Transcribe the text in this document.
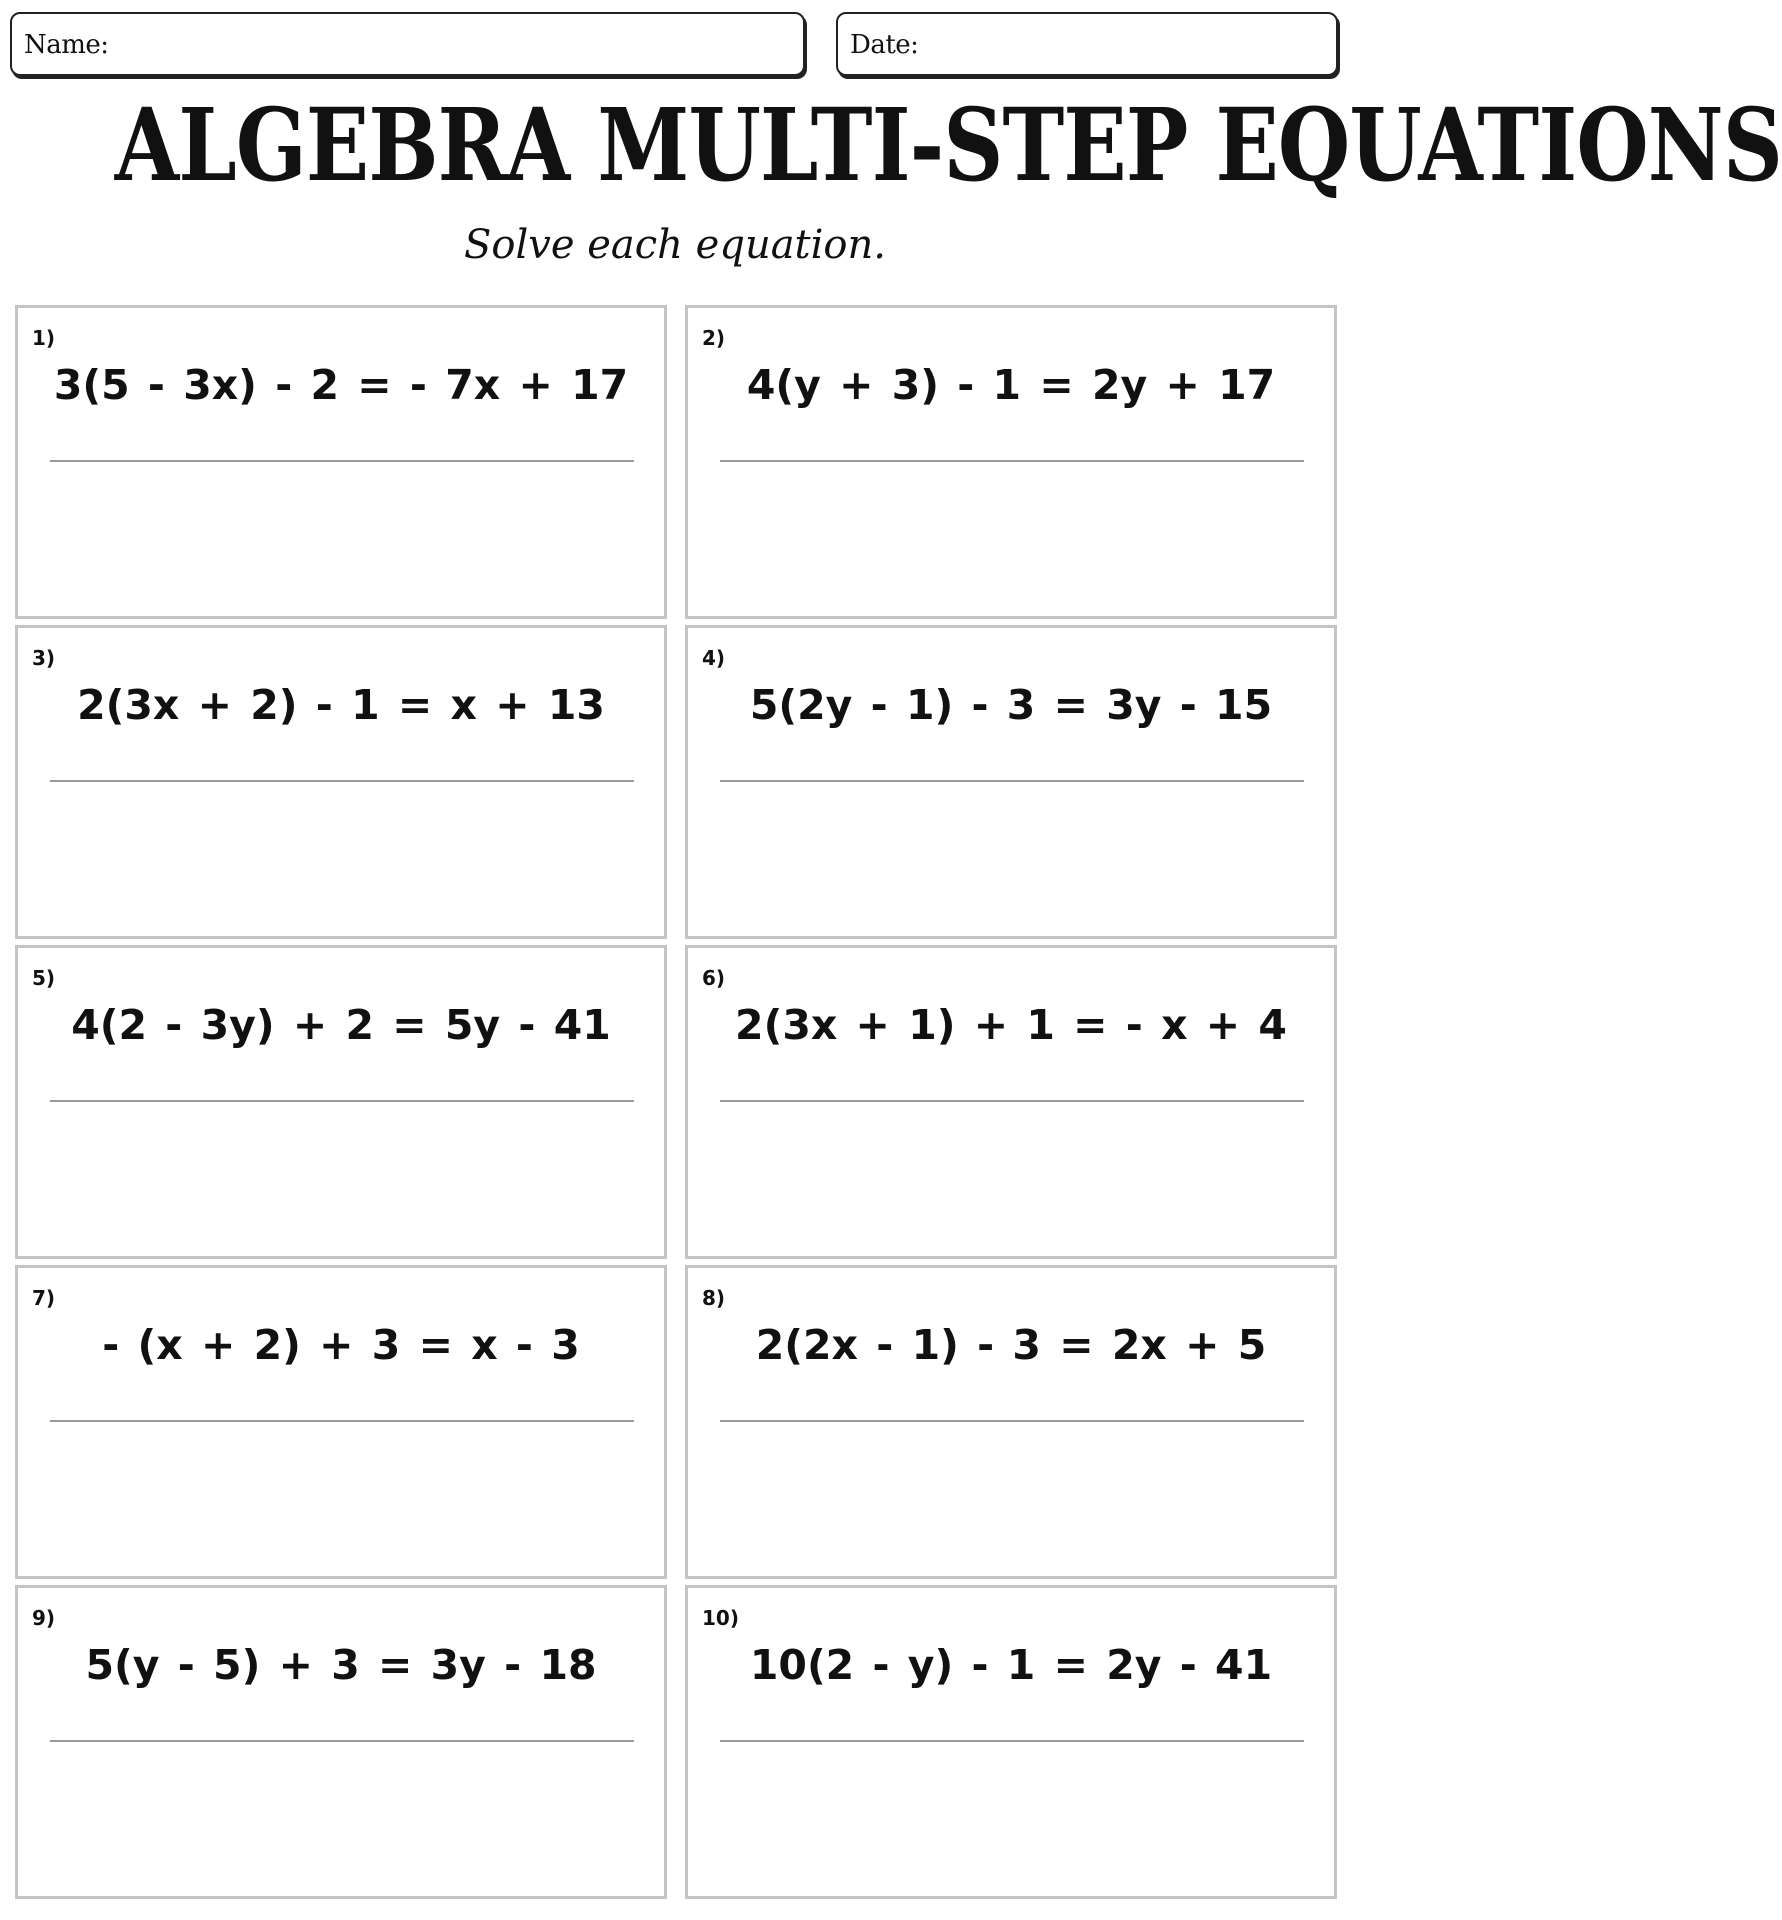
Name:	Date:
ALGEBRA MULTI-STEP EQUATIONS
Solve each equation.
1)
3(5 - 3x) - 2 = - 7x + 17
2)
4(y + 3) - 1 = 2y + 17
3)
2(3x + 2) - 1 = x + 13
4)
5(2y - 1) - 3 = 3y - 15
5)
4(2 - 3y) + 2 = 5y - 41
6)
2(3x + 1) + 1 = - x + 4
7)
- (x + 2) + 3 = x - 3
8)
2(2x - 1) - 3 = 2x + 5
9)
5(y - 5) + 3 = 3y - 18
10)
10(2 - y) - 1 = 2y - 41
